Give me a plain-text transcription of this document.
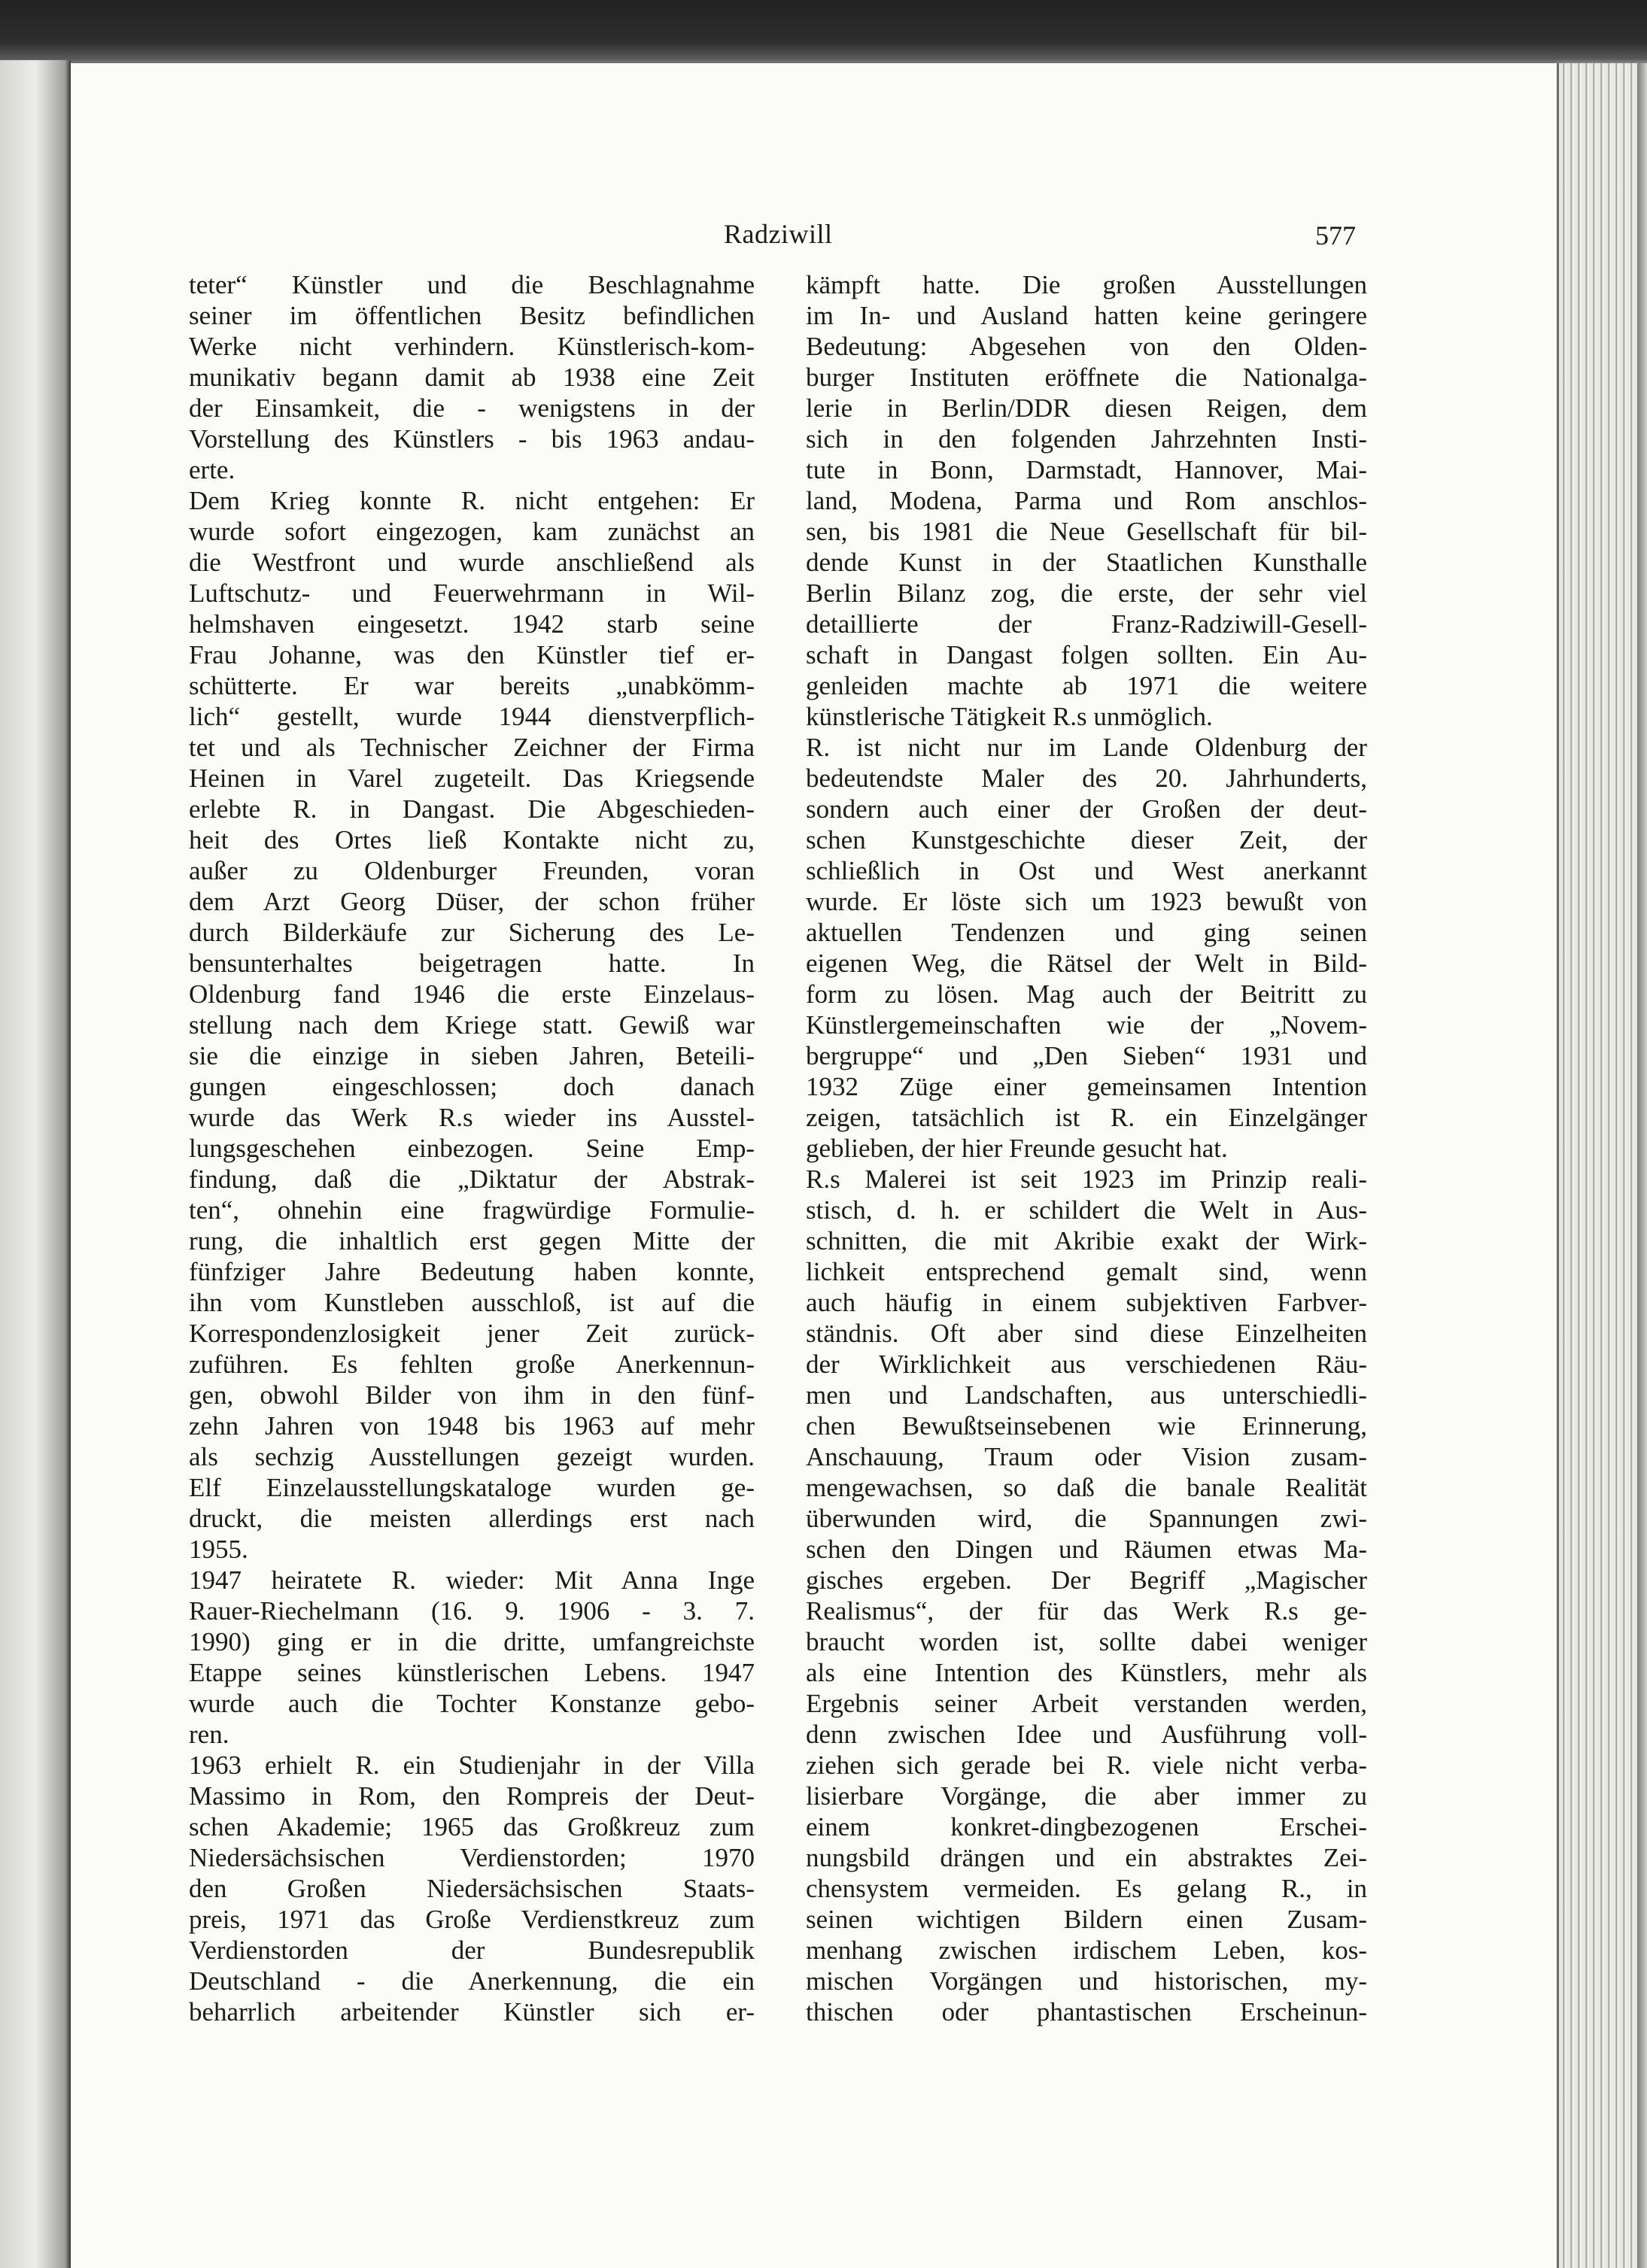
Radziwill	577
teter“ Künstler und die Beschlagnahme
seiner im öffentlichen Besitz befindlichen
Werke nicht verhindern. Künstlerisch-kom-
munikativ begann damit ab 1938 eine Zeit
der Einsamkeit, die - wenigstens in der
Vorstellung des Künstlers - bis 1963 andau-
erte.
Dem Krieg konnte R. nicht entgehen: Er
wurde sofort eingezogen, kam zunächst an
die Westfront und wurde anschließend als
Luftschutz- und Feuerwehrmann in Wil-
helmshaven eingesetzt. 1942 starb seine
Frau Johanne, was den Künstler tief er-
schütterte. Er war bereits „unabkömm-
lich“ gestellt, wurde 1944 dienstverpflich-
tet und als Technischer Zeichner der Firma
Heinen in Varel zugeteilt. Das Kriegsende
erlebte R. in Dangast. Die Abgeschieden-
heit des Ortes ließ Kontakte nicht zu,
außer zu Oldenburger Freunden, voran
dem Arzt Georg Düser, der schon früher
durch Bilderkäufe zur Sicherung des Le-
bensunterhaltes beigetragen hatte. In
Oldenburg fand 1946 die erste Einzelaus-
stellung nach dem Kriege statt. Gewiß war
sie die einzige in sieben Jahren, Beteili-
gungen eingeschlossen; doch danach
wurde das Werk R.s wieder ins Ausstel-
lungsgeschehen einbezogen. Seine Emp-
findung, daß die „Diktatur der Abstrak-
ten“, ohnehin eine fragwürdige Formulie-
rung, die inhaltlich erst gegen Mitte der
fünfziger Jahre Bedeutung haben konnte,
ihn vom Kunstleben ausschloß, ist auf die
Korrespondenzlosigkeit jener Zeit zurück-
zuführen. Es fehlten große Anerkennun-
gen, obwohl Bilder von ihm in den fünf-
zehn Jahren von 1948 bis 1963 auf mehr
als sechzig Ausstellungen gezeigt wurden.
Elf Einzelausstellungskataloge wurden ge-
druckt, die meisten allerdings erst nach
1955.
1947 heiratete R. wieder: Mit Anna Inge
Rauer-Riechelmann (16. 9. 1906 - 3. 7.
1990) ging er in die dritte, umfangreichste
Etappe seines künstlerischen Lebens. 1947
wurde auch die Tochter Konstanze gebo-
ren.
1963 erhielt R. ein Studienjahr in der Villa
Massimo in Rom, den Rompreis der Deut-
schen Akademie; 1965 das Großkreuz zum
Niedersächsischen Verdienstorden; 1970
den Großen Niedersächsischen Staats-
preis, 1971 das Große Verdienstkreuz zum
Verdienstorden der Bundesrepublik
Deutschland - die Anerkennung, die ein
beharrlich arbeitender Künstler sich er-
kämpft hatte. Die großen Ausstellungen
im In- und Ausland hatten keine geringere
Bedeutung: Abgesehen von den Olden-
burger Instituten eröffnete die Nationalga-
lerie in Berlin/DDR diesen Reigen, dem
sich in den folgenden Jahrzehnten Insti-
tute in Bonn, Darmstadt, Hannover, Mai-
land, Modena, Parma und Rom anschlos-
sen, bis 1981 die Neue Gesellschaft für bil-
dende Kunst in der Staatlichen Kunsthalle
Berlin Bilanz zog, die erste, der sehr viel
detaillierte der Franz-Radziwill-Gesell-
schaft in Dangast folgen sollten. Ein Au-
genleiden machte ab 1971 die weitere
künstlerische Tätigkeit R.s unmöglich.
R. ist nicht nur im Lande Oldenburg der
bedeutendste Maler des 20. Jahrhunderts,
sondern auch einer der Großen der deut-
schen Kunstgeschichte dieser Zeit, der
schließlich in Ost und West anerkannt
wurde. Er löste sich um 1923 bewußt von
aktuellen Tendenzen und ging seinen
eigenen Weg, die Rätsel der Welt in Bild-
form zu lösen. Mag auch der Beitritt zu
Künstlergemeinschaften wie der „Novem-
bergruppe“ und „Den Sieben“ 1931 und
1932 Züge einer gemeinsamen Intention
zeigen, tatsächlich ist R. ein Einzelgänger
geblieben, der hier Freunde gesucht hat.
R.s Malerei ist seit 1923 im Prinzip reali-
stisch, d. h. er schildert die Welt in Aus-
schnitten, die mit Akribie exakt der Wirk-
lichkeit entsprechend gemalt sind, wenn
auch häufig in einem subjektiven Farbver-
ständnis. Oft aber sind diese Einzelheiten
der Wirklichkeit aus verschiedenen Räu-
men und Landschaften, aus unterschiedli-
chen Bewußtseinsebenen wie Erinnerung,
Anschauung, Traum oder Vision zusam-
mengewachsen, so daß die banale Realität
überwunden wird, die Spannungen zwi-
schen den Dingen und Räumen etwas Ma-
gisches ergeben. Der Begriff „Magischer
Realismus“, der für das Werk R.s ge-
braucht worden ist, sollte dabei weniger
als eine Intention des Künstlers, mehr als
Ergebnis seiner Arbeit verstanden werden,
denn zwischen Idee und Ausführung voll-
ziehen sich gerade bei R. viele nicht verba-
lisierbare Vorgänge, die aber immer zu
einem konkret-dingbezogenen Erschei-
nungsbild drängen und ein abstraktes Zei-
chensystem vermeiden. Es gelang R., in
seinen wichtigen Bildern einen Zusam-
menhang zwischen irdischem Leben, kos-
mischen Vorgängen und historischen, my-
thischen oder phantastischen Erscheinun-
